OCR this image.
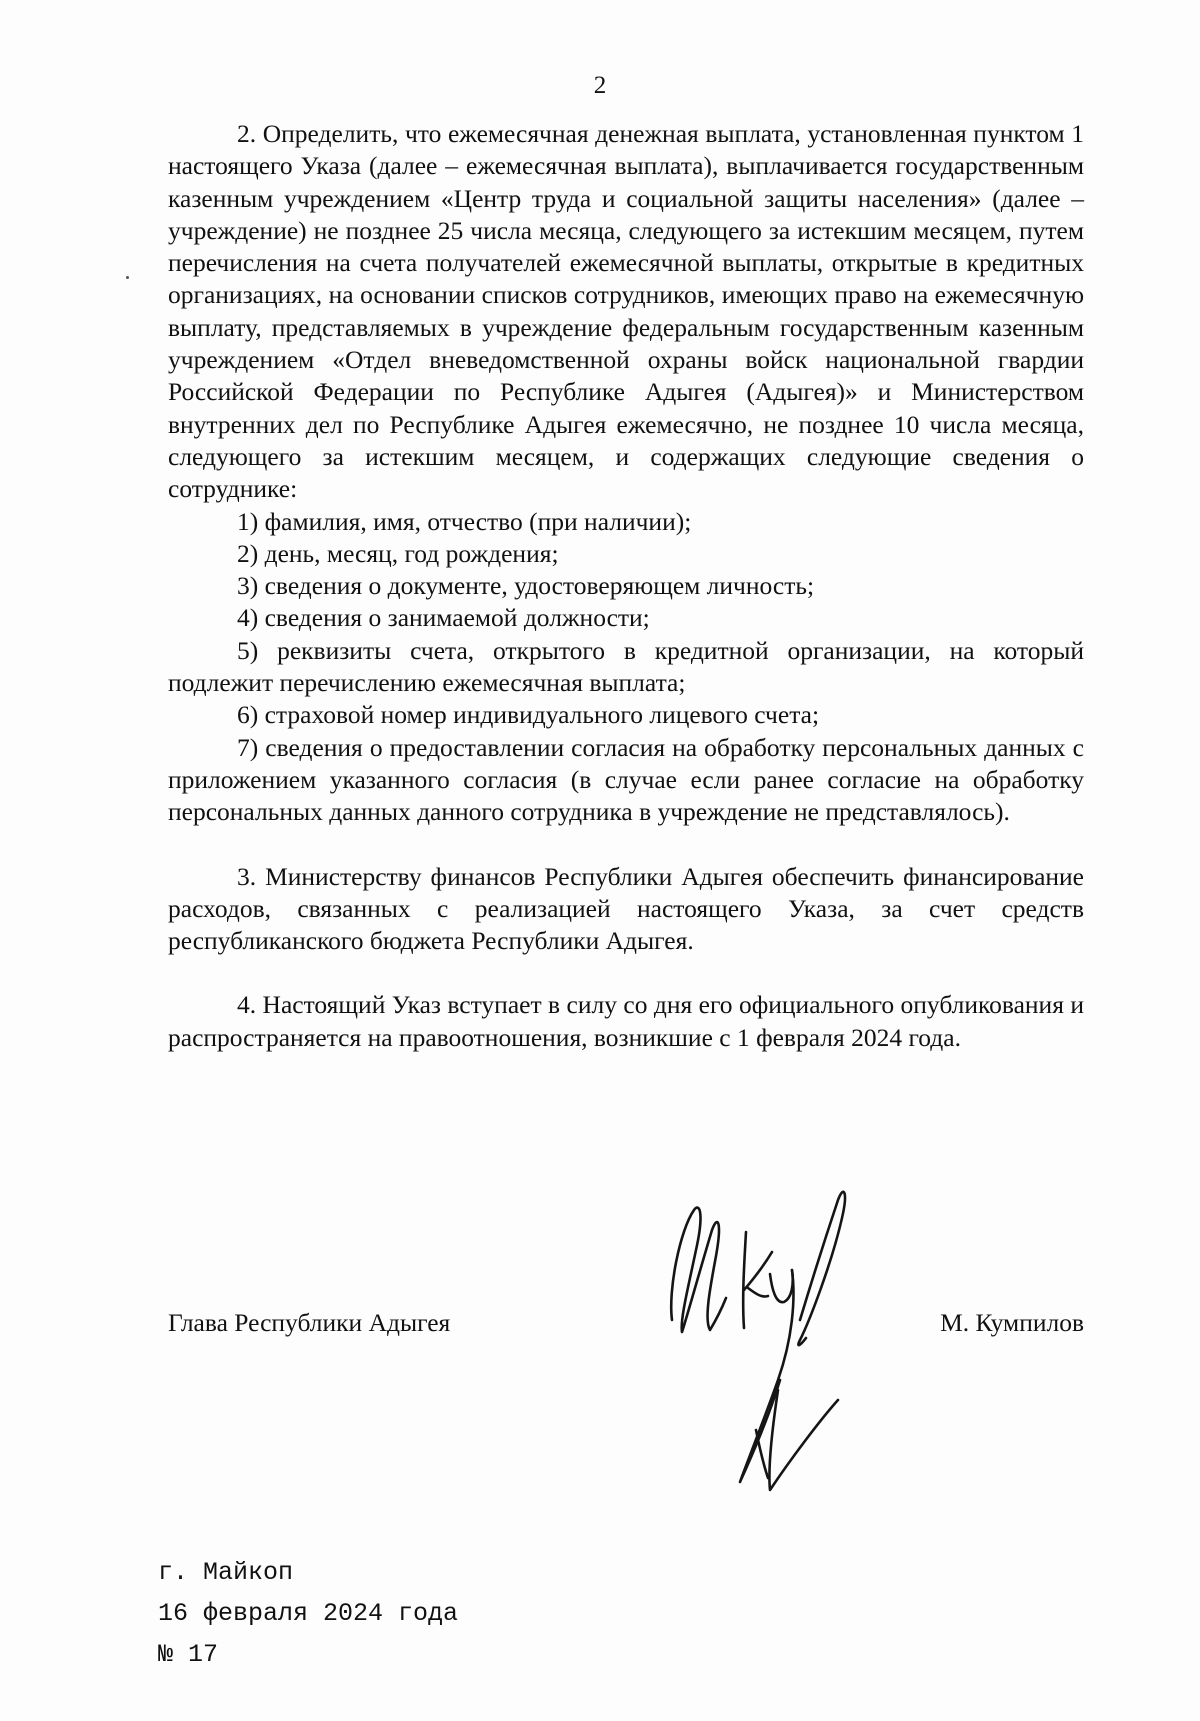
2

2. Определить, что ежемесячная денежная выплата, установленная пунктом 1 настоящего Указа (далее – ежемесячная выплата), выплачивается государственным казенным учреждением «Центр труда и социальной защиты населения» (далее – учреждение) не позднее 25 числа месяца, следующего за истекшим месяцем, путем перечисления на счета получателей ежемесячной выплаты, открытые в кредитных организациях, на основании списков сотрудников, имеющих право на ежемесячную выплату, представляемых в учреждение федеральным государственным казенным учреждением «Отдел вневедомственной охраны войск национальной гвардии Российской Федерации по Республике Адыгея (Адыгея)» и Министерством внутренних дел по Республике Адыгея ежемесячно, не позднее 10 числа месяца, следующего за истекшим месяцем, и содержащих следующие сведения о сотруднике:

1) фамилия, имя, отчество (при наличии);

2) день, месяц, год рождения;

3) сведения о документе, удостоверяющем личность;

4) сведения о занимаемой должности;

5) реквизиты счета, открытого в кредитной организации, на который подлежит перечислению ежемесячная выплата;

6) страховой номер индивидуального лицевого счета;

7) сведения о предоставлении согласия на обработку персональных данных с приложением указанного согласия (в случае если ранее согласие на обработку персональных данных данного сотрудника в учреждение не представлялось).

3. Министерству финансов Республики Адыгея обеспечить финансирование расходов, связанных с реализацией настоящего Указа, за счет средств республиканского бюджета Республики Адыгея.

4. Настоящий Указ вступает в силу со дня его официального опубликования и распространяется на правоотношения, возникшие с 1 февраля 2024 года.

Глава Республики Адыгея	М. Кумпилов
г. Майкоп
16 февраля 2024 года
№ 17
